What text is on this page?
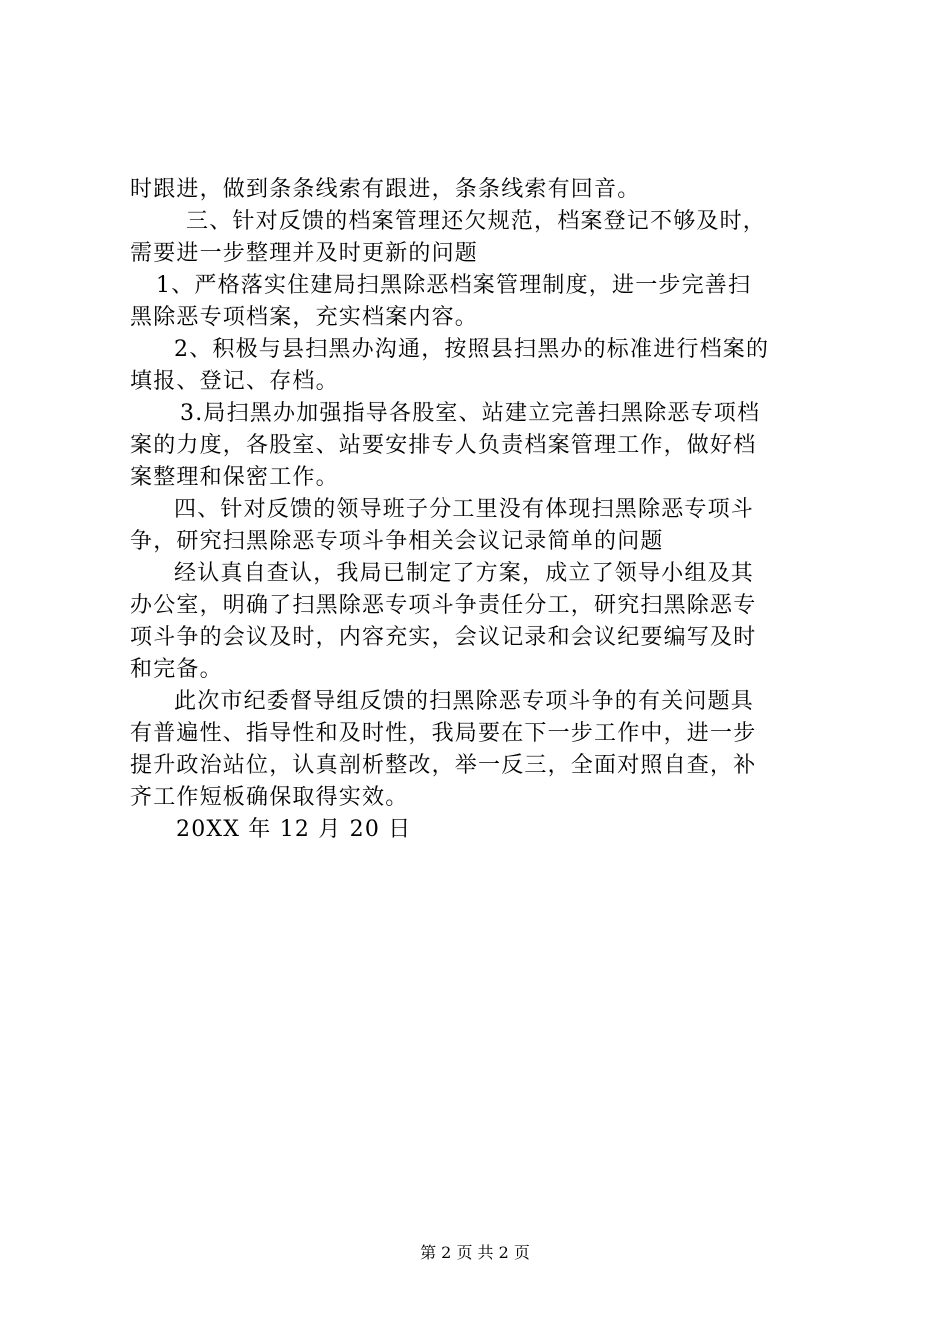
时跟进，做到条条线索有跟进，条条线索有回音。
三、针对反馈的档案管理还欠规范，档案登记不够及时，
需要进一步整理并及时更新的问题
1、严格落实住建局扫黑除恶档案管理制度，进一步完善扫
黑除恶专项档案，充实档案内容。
2、积极与县扫黑办沟通，按照县扫黑办的标准进行档案的
填报、登记、存档。
3.局扫黑办加强指导各股室、站建立完善扫黑除恶专项档
案的力度，各股室、站要安排专人负责档案管理工作，做好档
案整理和保密工作。
四、针对反馈的领导班子分工里没有体现扫黑除恶专项斗
争，研究扫黑除恶专项斗争相关会议记录简单的问题
经认真自查认，我局已制定了方案，成立了领导小组及其
办公室，明确了扫黑除恶专项斗争责任分工，研究扫黑除恶专
项斗争的会议及时，内容充实，会议记录和会议纪要编写及时
和完备。
此次市纪委督导组反馈的扫黑除恶专项斗争的有关问题具
有普遍性、指导性和及时性，我局要在下一步工作中，进一步
提升政治站位，认真剖析整改，举一反三，全面对照自查，补
齐工作短板确保取得实效。
20XX 年 12 月 20 日
第 2 页 共 2 页
